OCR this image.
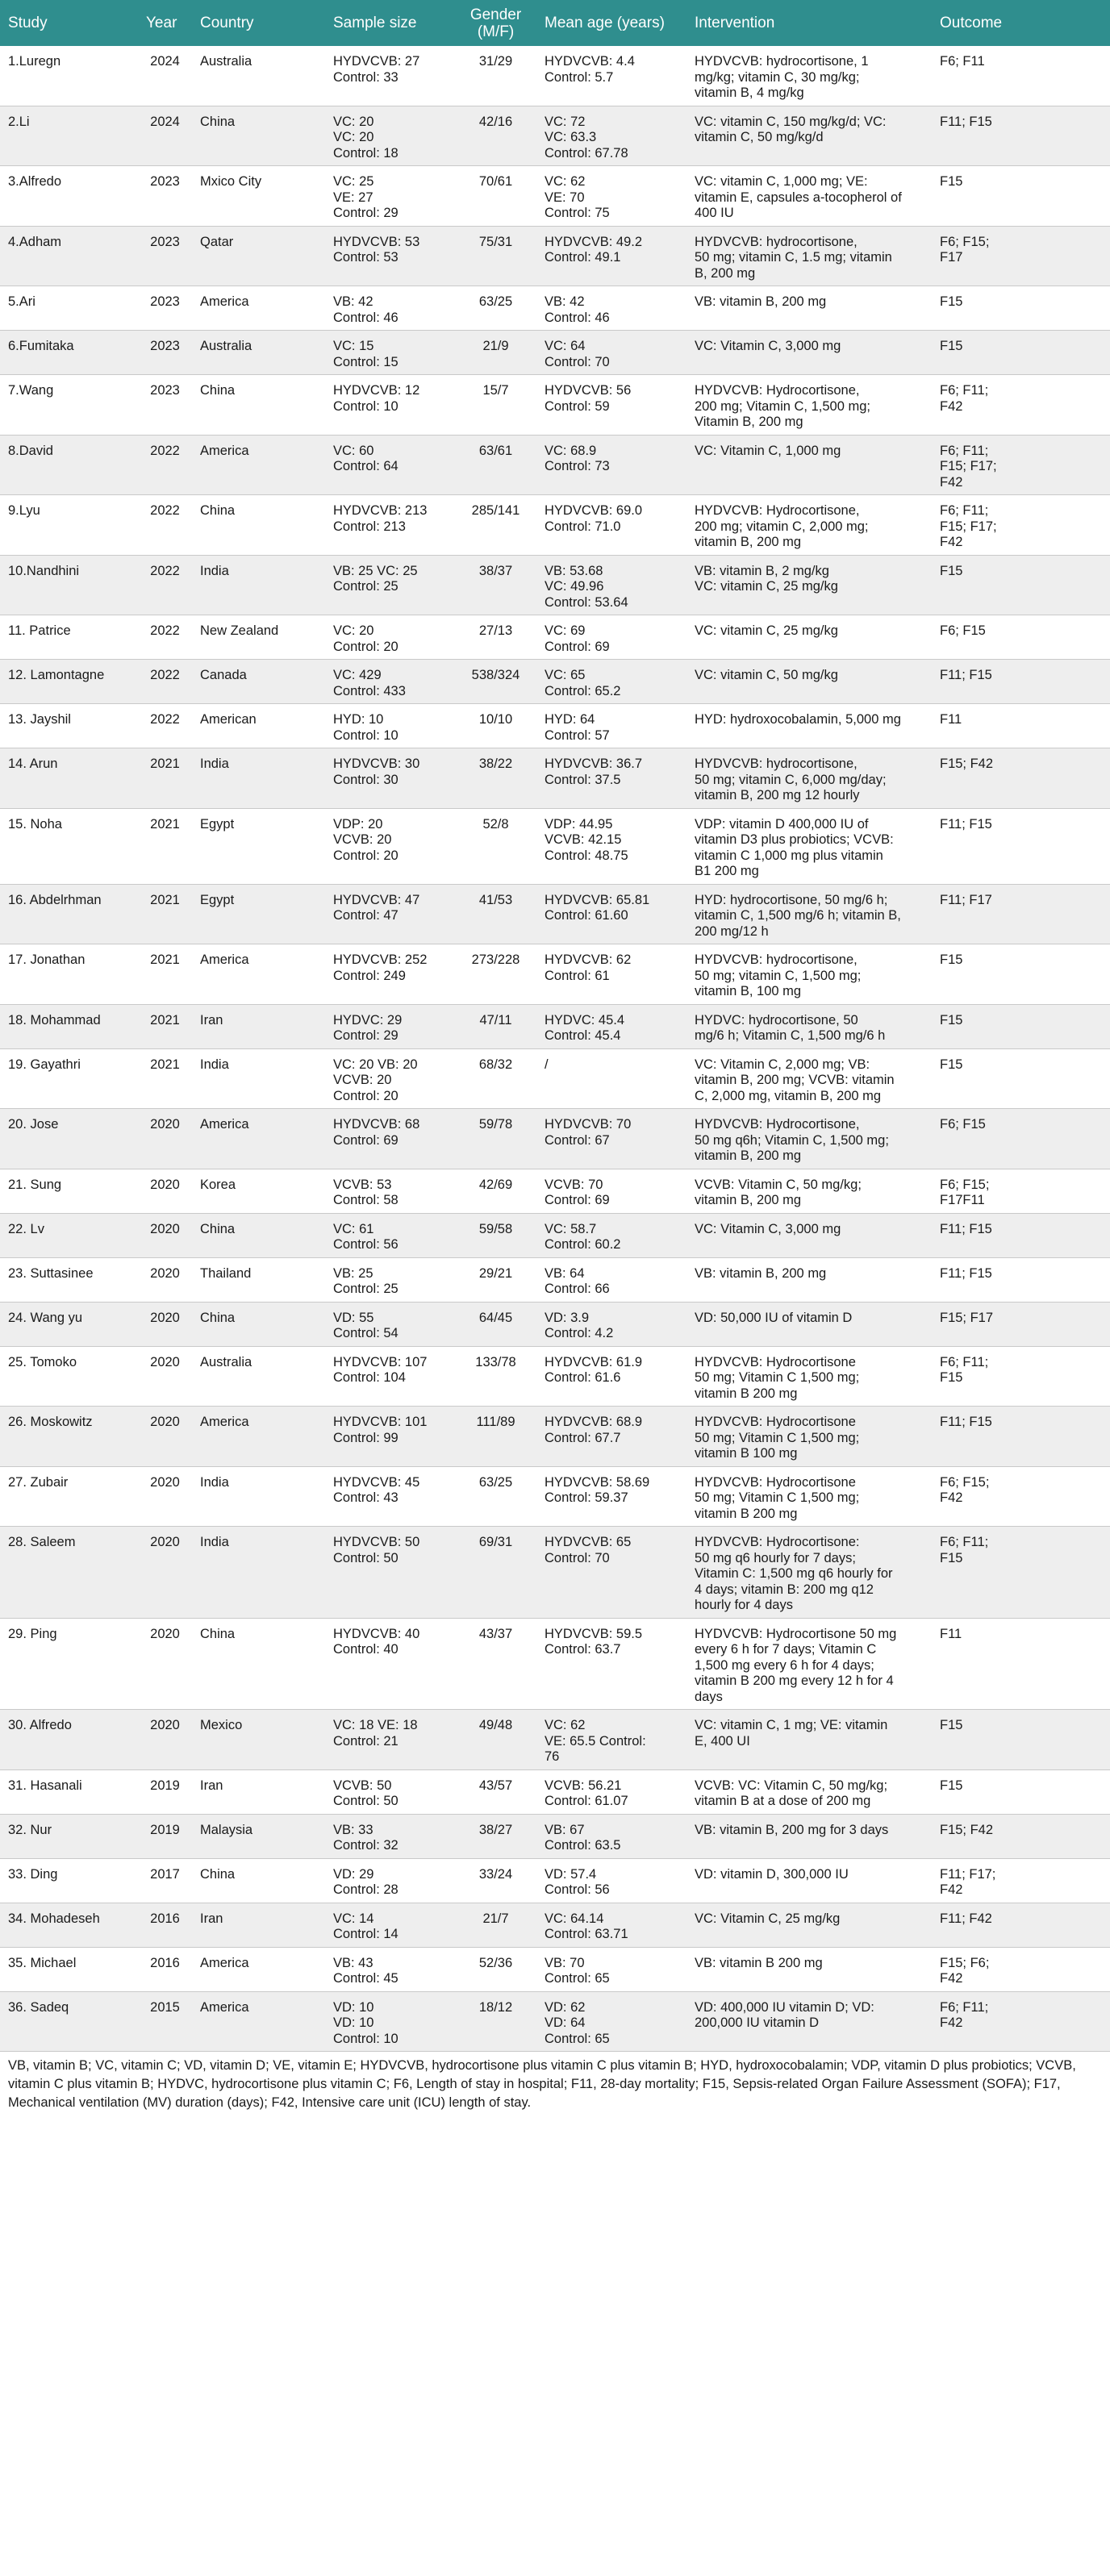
Study	Year	Country	Sample size	Gender (M/F)	Mean age (years)	Intervention	Outcome
1.Luregn	2024	Australia	HYDVCVB: 27
Control: 33	31/29	HYDVCVB: 4.4
Control: 5.7	HYDVCVB: hydrocortisone, 1
mg/kg; vitamin C, 30 mg/kg;
vitamin B, 4 mg/kg	F6; F11

2.Li	2024	China	VC: 20
VC: 20
Control: 18	42/16	VC: 72
VC: 63.3
Control: 67.78	VC: vitamin C, 150 mg/kg/d; VC:
vitamin C, 50 mg/kg/d	F11; F15

3.Alfredo	2023	Mxico City	VC: 25
VE: 27
Control: 29	70/61	VC: 62
VE: 70
Control: 75	VC: vitamin C, 1,000 mg; VE:
vitamin E, capsules a-tocopherol of
400 IU	F15

4.Adham	2023	Qatar	HYDVCVB: 53
Control: 53	75/31	HYDVCVB: 49.2
Control: 49.1	HYDVCVB: hydrocortisone,
50 mg; vitamin C, 1.5 mg; vitamin
B, 200 mg	F6; F15;
F17

5.Ari	2023	America	VB: 42
Control: 46	63/25	VB: 42
Control: 46	VB: vitamin B, 200 mg	F15

6.Fumitaka	2023	Australia	VC: 15
Control: 15	21/9	VC: 64
Control: 70	VC: Vitamin C, 3,000 mg	F15

7.Wang	2023	China	HYDVCVB: 12
Control: 10	15/7	HYDVCVB: 56
Control: 59	HYDVCVB: Hydrocortisone,
200 mg; Vitamin C, 1,500 mg;
Vitamin B, 200 mg	F6; F11;
F42

8.David	2022	America	VC: 60
Control: 64	63/61	VC: 68.9
Control: 73	VC: Vitamin C, 1,000 mg	F6; F11;
F15; F17;
F42

9.Lyu	2022	China	HYDVCVB: 213
Control: 213	285/141	HYDVCVB: 69.0
Control: 71.0	HYDVCVB: Hydrocortisone,
200 mg; vitamin C, 2,000 mg;
vitamin B, 200 mg	F6; F11;
F15; F17;
F42

10.Nandhini	2022	India	VB: 25 VC: 25
Control: 25	38/37	VB: 53.68
VC: 49.96
Control: 53.64	VB: vitamin B, 2 mg/kg
VC: vitamin C, 25 mg/kg	F15

11. Patrice	2022	New Zealand	VC: 20
Control: 20	27/13	VC: 69
Control: 69	VC: vitamin C, 25 mg/kg	F6; F15

12. Lamontagne	2022	Canada	VC: 429
Control: 433	538/324	VC: 65
Control: 65.2	VC: vitamin C, 50 mg/kg	F11; F15

13. Jayshil	2022	American	HYD: 10
Control: 10	10/10	HYD: 64
Control: 57	HYD: hydroxocobalamin, 5,000 mg	F11

14. Arun	2021	India	HYDVCVB: 30
Control: 30	38/22	HYDVCVB: 36.7
Control: 37.5	HYDVCVB: hydrocortisone,
50 mg; vitamin C, 6,000 mg/day;
vitamin B, 200 mg 12 hourly	F15; F42

15. Noha	2021	Egypt	VDP: 20
VCVB: 20
Control: 20	52/8	VDP: 44.95
VCVB: 42.15
Control: 48.75	VDP: vitamin D 400,000 IU of
vitamin D3 plus probiotics; VCVB:
vitamin C 1,000 mg plus vitamin
B1 200 mg	F11; F15

16. Abdelrhman	2021	Egypt	HYDVCVB: 47
Control: 47	41/53	HYDVCVB: 65.81
Control: 61.60	HYD: hydrocortisone, 50 mg/6 h;
vitamin C, 1,500 mg/6 h; vitamin B,
200 mg/12 h	F11; F17

17. Jonathan	2021	America	HYDVCVB: 252
Control: 249	273/228	HYDVCVB: 62
Control: 61	HYDVCVB: hydrocortisone,
50 mg; vitamin C, 1,500 mg;
vitamin B, 100 mg	F15

18. Mohammad	2021	Iran	HYDVC: 29
Control: 29	47/11	HYDVC: 45.4
Control: 45.4	HYDVC: hydrocortisone, 50
mg/6 h; Vitamin C, 1,500 mg/6 h	F15

19. Gayathri	2021	India	VC: 20 VB: 20
VCVB: 20
Control: 20	68/32	/	VC: Vitamin C, 2,000 mg; VB:
vitamin B, 200 mg; VCVB: vitamin
C, 2,000 mg, vitamin B, 200 mg	F15

20. Jose	2020	America	HYDVCVB: 68
Control: 69	59/78	HYDVCVB: 70
Control: 67	HYDVCVB: Hydrocortisone,
50 mg q6h; Vitamin C, 1,500 mg;
vitamin B, 200 mg	F6; F15

21. Sung	2020	Korea	VCVB: 53
Control: 58	42/69	VCVB: 70
Control: 69	VCVB: Vitamin C, 50 mg/kg;
vitamin B, 200 mg	F6; F15;
F17F11

22. Lv	2020	China	VC: 61
Control: 56	59/58	VC: 58.7
Control: 60.2	VC: Vitamin C, 3,000 mg	F11; F15

23. Suttasinee	2020	Thailand	VB: 25
Control: 25	29/21	VB: 64
Control: 66	VB: vitamin B, 200 mg	F11; F15

24. Wang yu	2020	China	VD: 55
Control: 54	64/45	VD: 3.9
Control: 4.2	VD: 50,000 IU of vitamin D	F15; F17

25. Tomoko	2020	Australia	HYDVCVB: 107
Control: 104	133/78	HYDVCVB: 61.9
Control: 61.6	HYDVCVB: Hydrocortisone
50 mg; Vitamin C 1,500 mg;
vitamin B 200 mg	F6; F11;
F15

26. Moskowitz	2020	America	HYDVCVB: 101
Control: 99	111/89	HYDVCVB: 68.9
Control: 67.7	HYDVCVB: Hydrocortisone
50 mg; Vitamin C 1,500 mg;
vitamin B 100 mg	F11; F15

27. Zubair	2020	India	HYDVCVB: 45
Control: 43	63/25	HYDVCVB: 58.69
Control: 59.37	HYDVCVB: Hydrocortisone
50 mg; Vitamin C 1,500 mg;
vitamin B 200 mg	F6; F15;
F42

28. Saleem	2020	India	HYDVCVB: 50
Control: 50	69/31	HYDVCVB: 65
Control: 70	HYDVCVB: Hydrocortisone:
50 mg q6 hourly for 7 days;
Vitamin C: 1,500 mg q6 hourly for
4 days; vitamin B: 200 mg q12
hourly for 4 days	F6; F11;
F15

29. Ping	2020	China	HYDVCVB: 40
Control: 40	43/37	HYDVCVB: 59.5
Control: 63.7	HYDVCVB: Hydrocortisone 50 mg
every 6 h for 7 days; Vitamin C
1,500 mg every 6 h for 4 days;
vitamin B 200 mg every 12 h for 4
days	F11

30. Alfredo	2020	Mexico	VC: 18 VE: 18
Control: 21	49/48	VC: 62
VE: 65.5 Control:
76	VC: vitamin C, 1 mg; VE: vitamin
E, 400 UI	F15

31. Hasanali	2019	Iran	VCVB: 50
Control: 50	43/57	VCVB: 56.21
Control: 61.07	VCVB: VC: Vitamin C, 50 mg/kg;
vitamin B at a dose of 200 mg	F15

32. Nur	2019	Malaysia	VB: 33
Control: 32	38/27	VB: 67
Control: 63.5	VB: vitamin B, 200 mg for 3 days	F15; F42

33. Ding	2017	China	VD: 29
Control: 28	33/24	VD: 57.4
Control: 56	VD: vitamin D, 300,000 IU	F11; F17;
F42

34. Mohadeseh	2016	Iran	VC: 14
Control: 14	21/7	VC: 64.14
Control: 63.71	VC: Vitamin C, 25 mg/kg	F11; F42

35. Michael	2016	America	VB: 43
Control: 45	52/36	VB: 70
Control: 65	VB: vitamin B 200 mg	F15; F6;
F42

36. Sadeq	2015	America	VD: 10
VD: 10
Control: 10	18/12	VD: 62
VD: 64
Control: 65	VD: 400,000 IU vitamin D; VD:
200,000 IU vitamin D	F6; F11;
F42
VB, vitamin B; VC, vitamin C; VD, vitamin D; VE, vitamin E; HYDVCVB, hydrocortisone plus vitamin C plus vitamin B; HYD, hydroxocobalamin; VDP, vitamin D plus probiotics; VCVB, vitamin C plus vitamin B; HYDVC, hydrocortisone plus vitamin C; F6, Length of stay in hospital; F11, 28-day mortality; F15, Sepsis-related Organ Failure Assessment (SOFA); F17, Mechanical ventilation (MV) duration (days); F42, Intensive care unit (ICU) length of stay.
